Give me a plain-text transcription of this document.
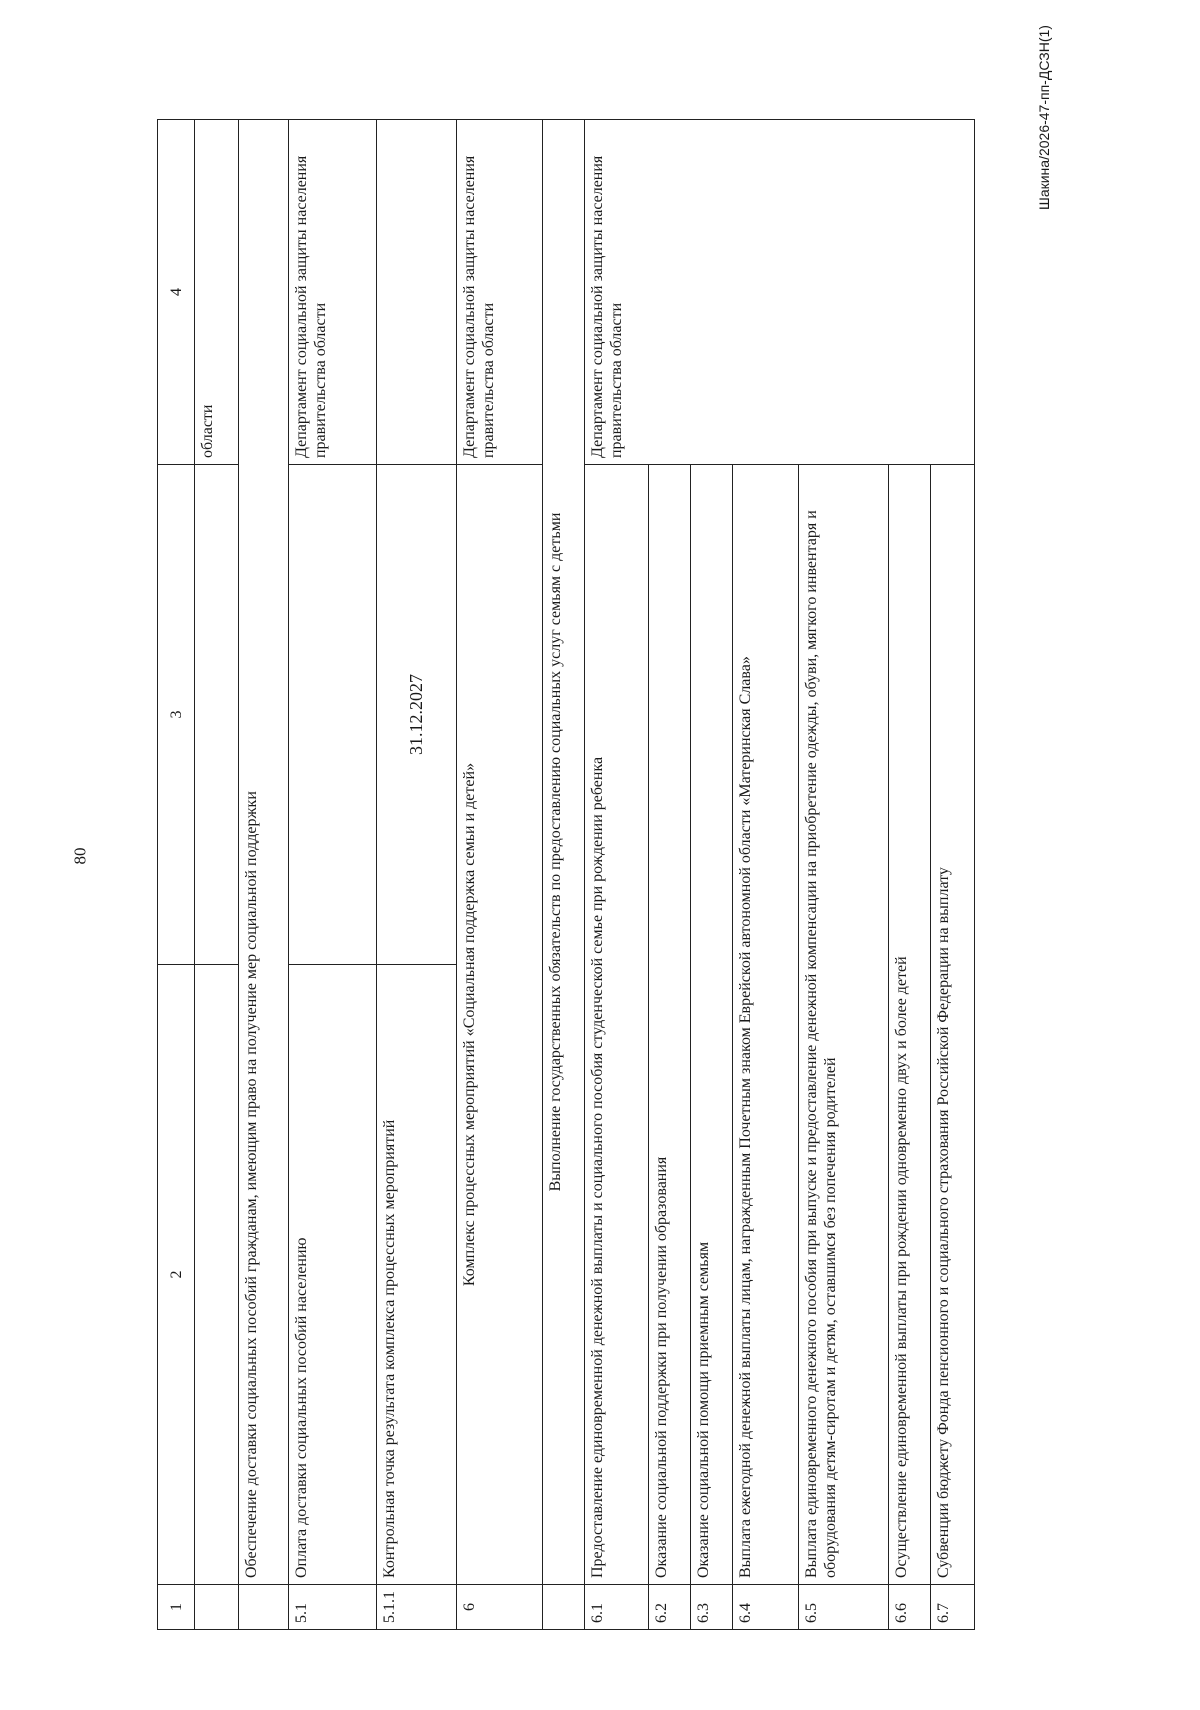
80
Шакина/2026-47-пп-ДСЗН(1)
1	2	3	4
			области
	Обеспечение доставки социальных пособий гражданам, имеющим право на получение мер социальной поддержки		
5.1	Оплата доставки социальных пособий населению		Департамент социальной защиты населения правительства области
5.1.1	Контрольная точка результата комплекса процессных мероприятий	31.12.2027	
6	Комплекс процессных мероприятий «Социальная поддержка семьи и детей»		Департамент социальной защиты населения правительства области
	Выполнение государственных обязательств по предоставлению социальных услуг семьям с детьми		
6.1	Предоставление единовременной денежной выплаты и социального пособия студенческой семье при рождении ребенка		Департамент социальной защиты населения правительства области
6.2	Оказание социальной поддержки при получении образования		
6.3	Оказание социальной помощи приемным семьям		
6.4	Выплата ежегодной денежной выплаты лицам, награжденным Почетным знаком Еврейской автономной области «Материнская Слава»		
6.5	Выплата единовременного денежного пособия при выпуске и предоставление денежной компенсации на приобретение одежды, обуви, мягкого инвентаря и оборудования детям-сиротам и детям, оставшимся без попечения родителей		
6.6	Осуществление единовременной выплаты при рождении одновременно двух и более детей		
6.7	Субвенции бюджету Фонда пенсионного и социального страхования Российской Федерации на выплату		
